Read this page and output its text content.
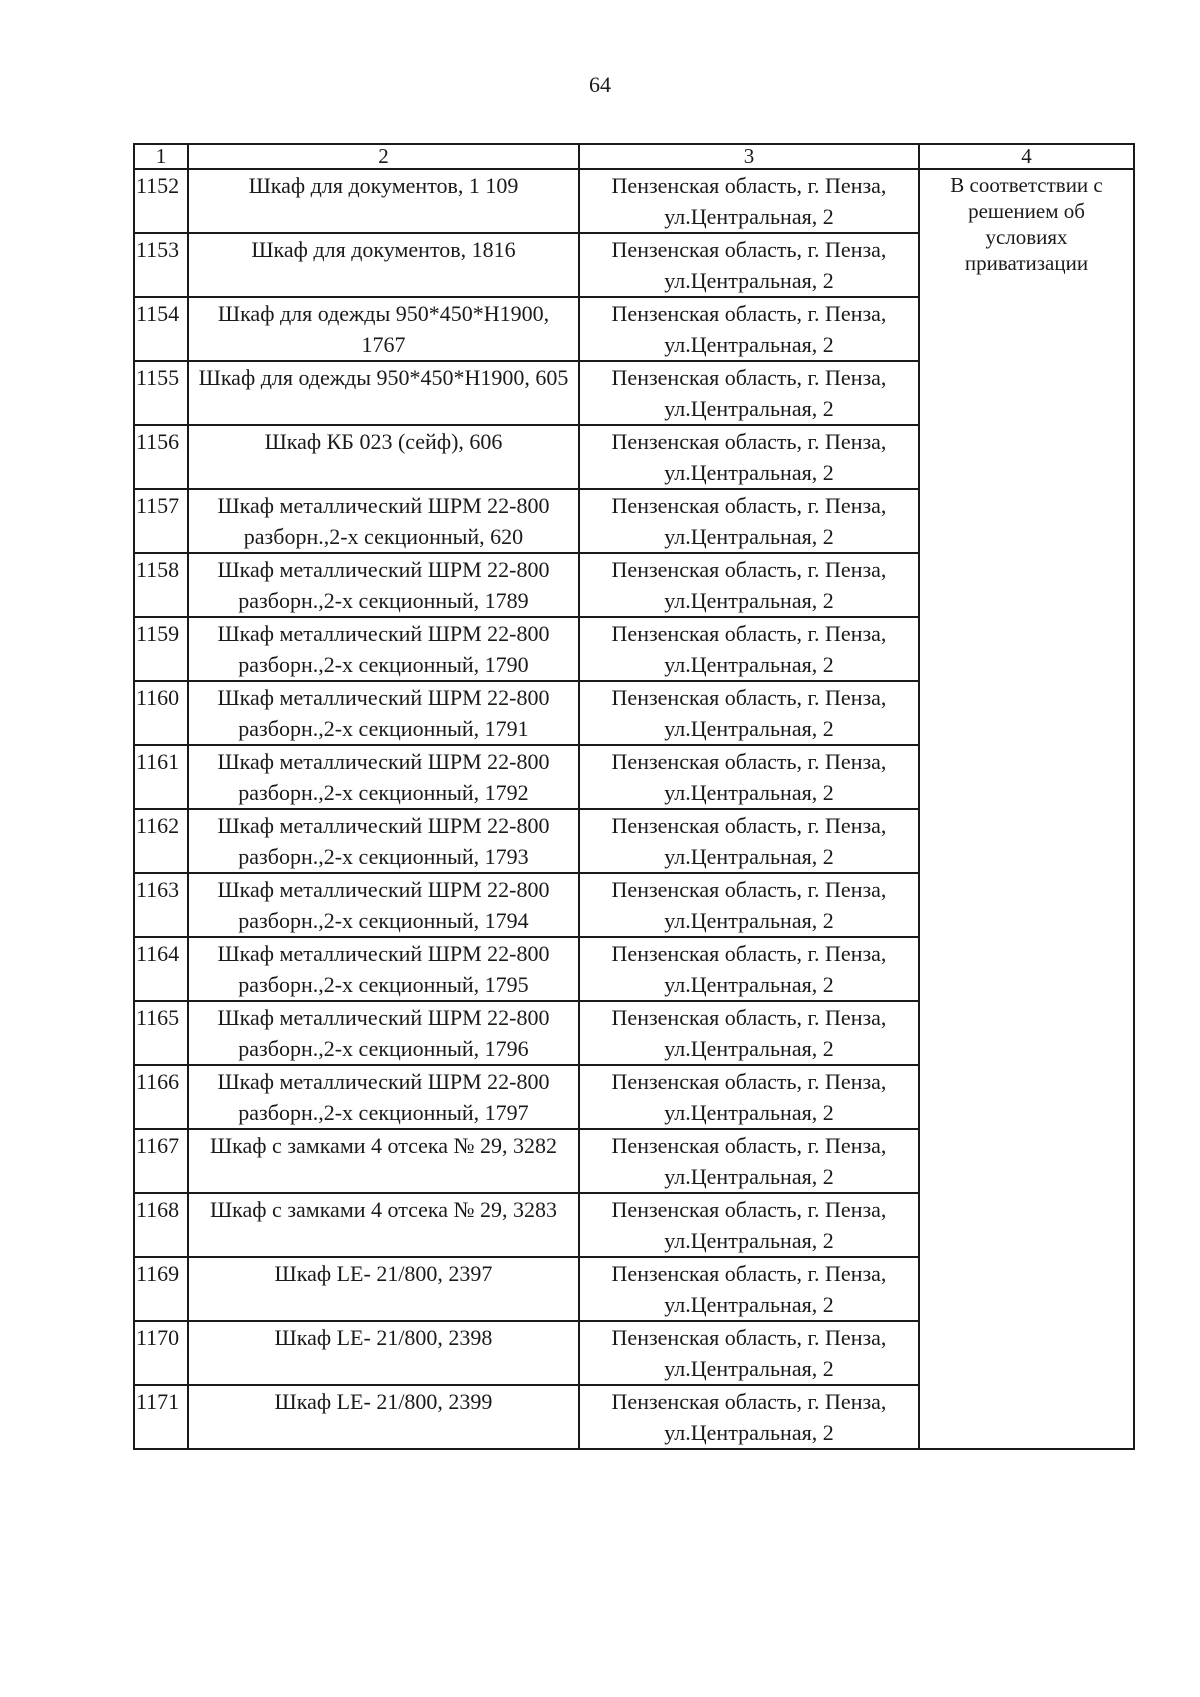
64
1	2	3	4
1152	Шкаф для документов, 1 109	Пензенская область, г. Пенза, ул.Центральная, 2	В соответствии с решением об условиях приватизации
1153	Шкаф для документов, 1816	Пензенская область, г. Пенза, ул.Центральная, 2	
1154	Шкаф для одежды 950*450*Н1900, 1767	Пензенская область, г. Пенза, ул.Центральная, 2	
1155	Шкаф для одежды 950*450*Н1900, 605	Пензенская область, г. Пенза, ул.Центральная, 2	
1156	Шкаф КБ 023 (сейф), 606	Пензенская область, г. Пенза, ул.Центральная, 2	
1157	Шкаф металлический ШРМ 22-800 разборн.,2-х секционный, 620	Пензенская область, г. Пенза, ул.Центральная, 2	
1158	Шкаф металлический ШРМ 22-800 разборн.,2-х секционный, 1789	Пензенская область, г. Пенза, ул.Центральная, 2	
1159	Шкаф металлический ШРМ 22-800 разборн.,2-х секционный, 1790	Пензенская область, г. Пенза, ул.Центральная, 2	
1160	Шкаф металлический ШРМ 22-800 разборн.,2-х секционный, 1791	Пензенская область, г. Пенза, ул.Центральная, 2	
1161	Шкаф металлический ШРМ 22-800 разборн.,2-х секционный, 1792	Пензенская область, г. Пенза, ул.Центральная, 2	
1162	Шкаф металлический ШРМ 22-800 разборн.,2-х секционный, 1793	Пензенская область, г. Пенза, ул.Центральная, 2	
1163	Шкаф металлический ШРМ 22-800 разборн.,2-х секционный, 1794	Пензенская область, г. Пенза, ул.Центральная, 2	
1164	Шкаф металлический ШРМ 22-800 разборн.,2-х секционный, 1795	Пензенская область, г. Пенза, ул.Центральная, 2	
1165	Шкаф металлический ШРМ 22-800 разборн.,2-х секционный, 1796	Пензенская область, г. Пенза, ул.Центральная, 2	
1166	Шкаф металлический ШРМ 22-800 разборн.,2-х секционный, 1797	Пензенская область, г. Пенза, ул.Центральная, 2	
1167	Шкаф с замками 4 отсека № 29, 3282	Пензенская область, г. Пенза, ул.Центральная, 2	
1168	Шкаф с замками 4 отсека № 29, 3283	Пензенская область, г. Пенза, ул.Центральная, 2	
1169	Шкаф LE- 21/800, 2397	Пензенская область, г. Пенза, ул.Центральная, 2	
1170	Шкаф LE- 21/800, 2398	Пензенская область, г. Пенза, ул.Центральная, 2	
1171	Шкаф LE- 21/800, 2399	Пензенская область, г. Пенза, ул.Центральная, 2	
